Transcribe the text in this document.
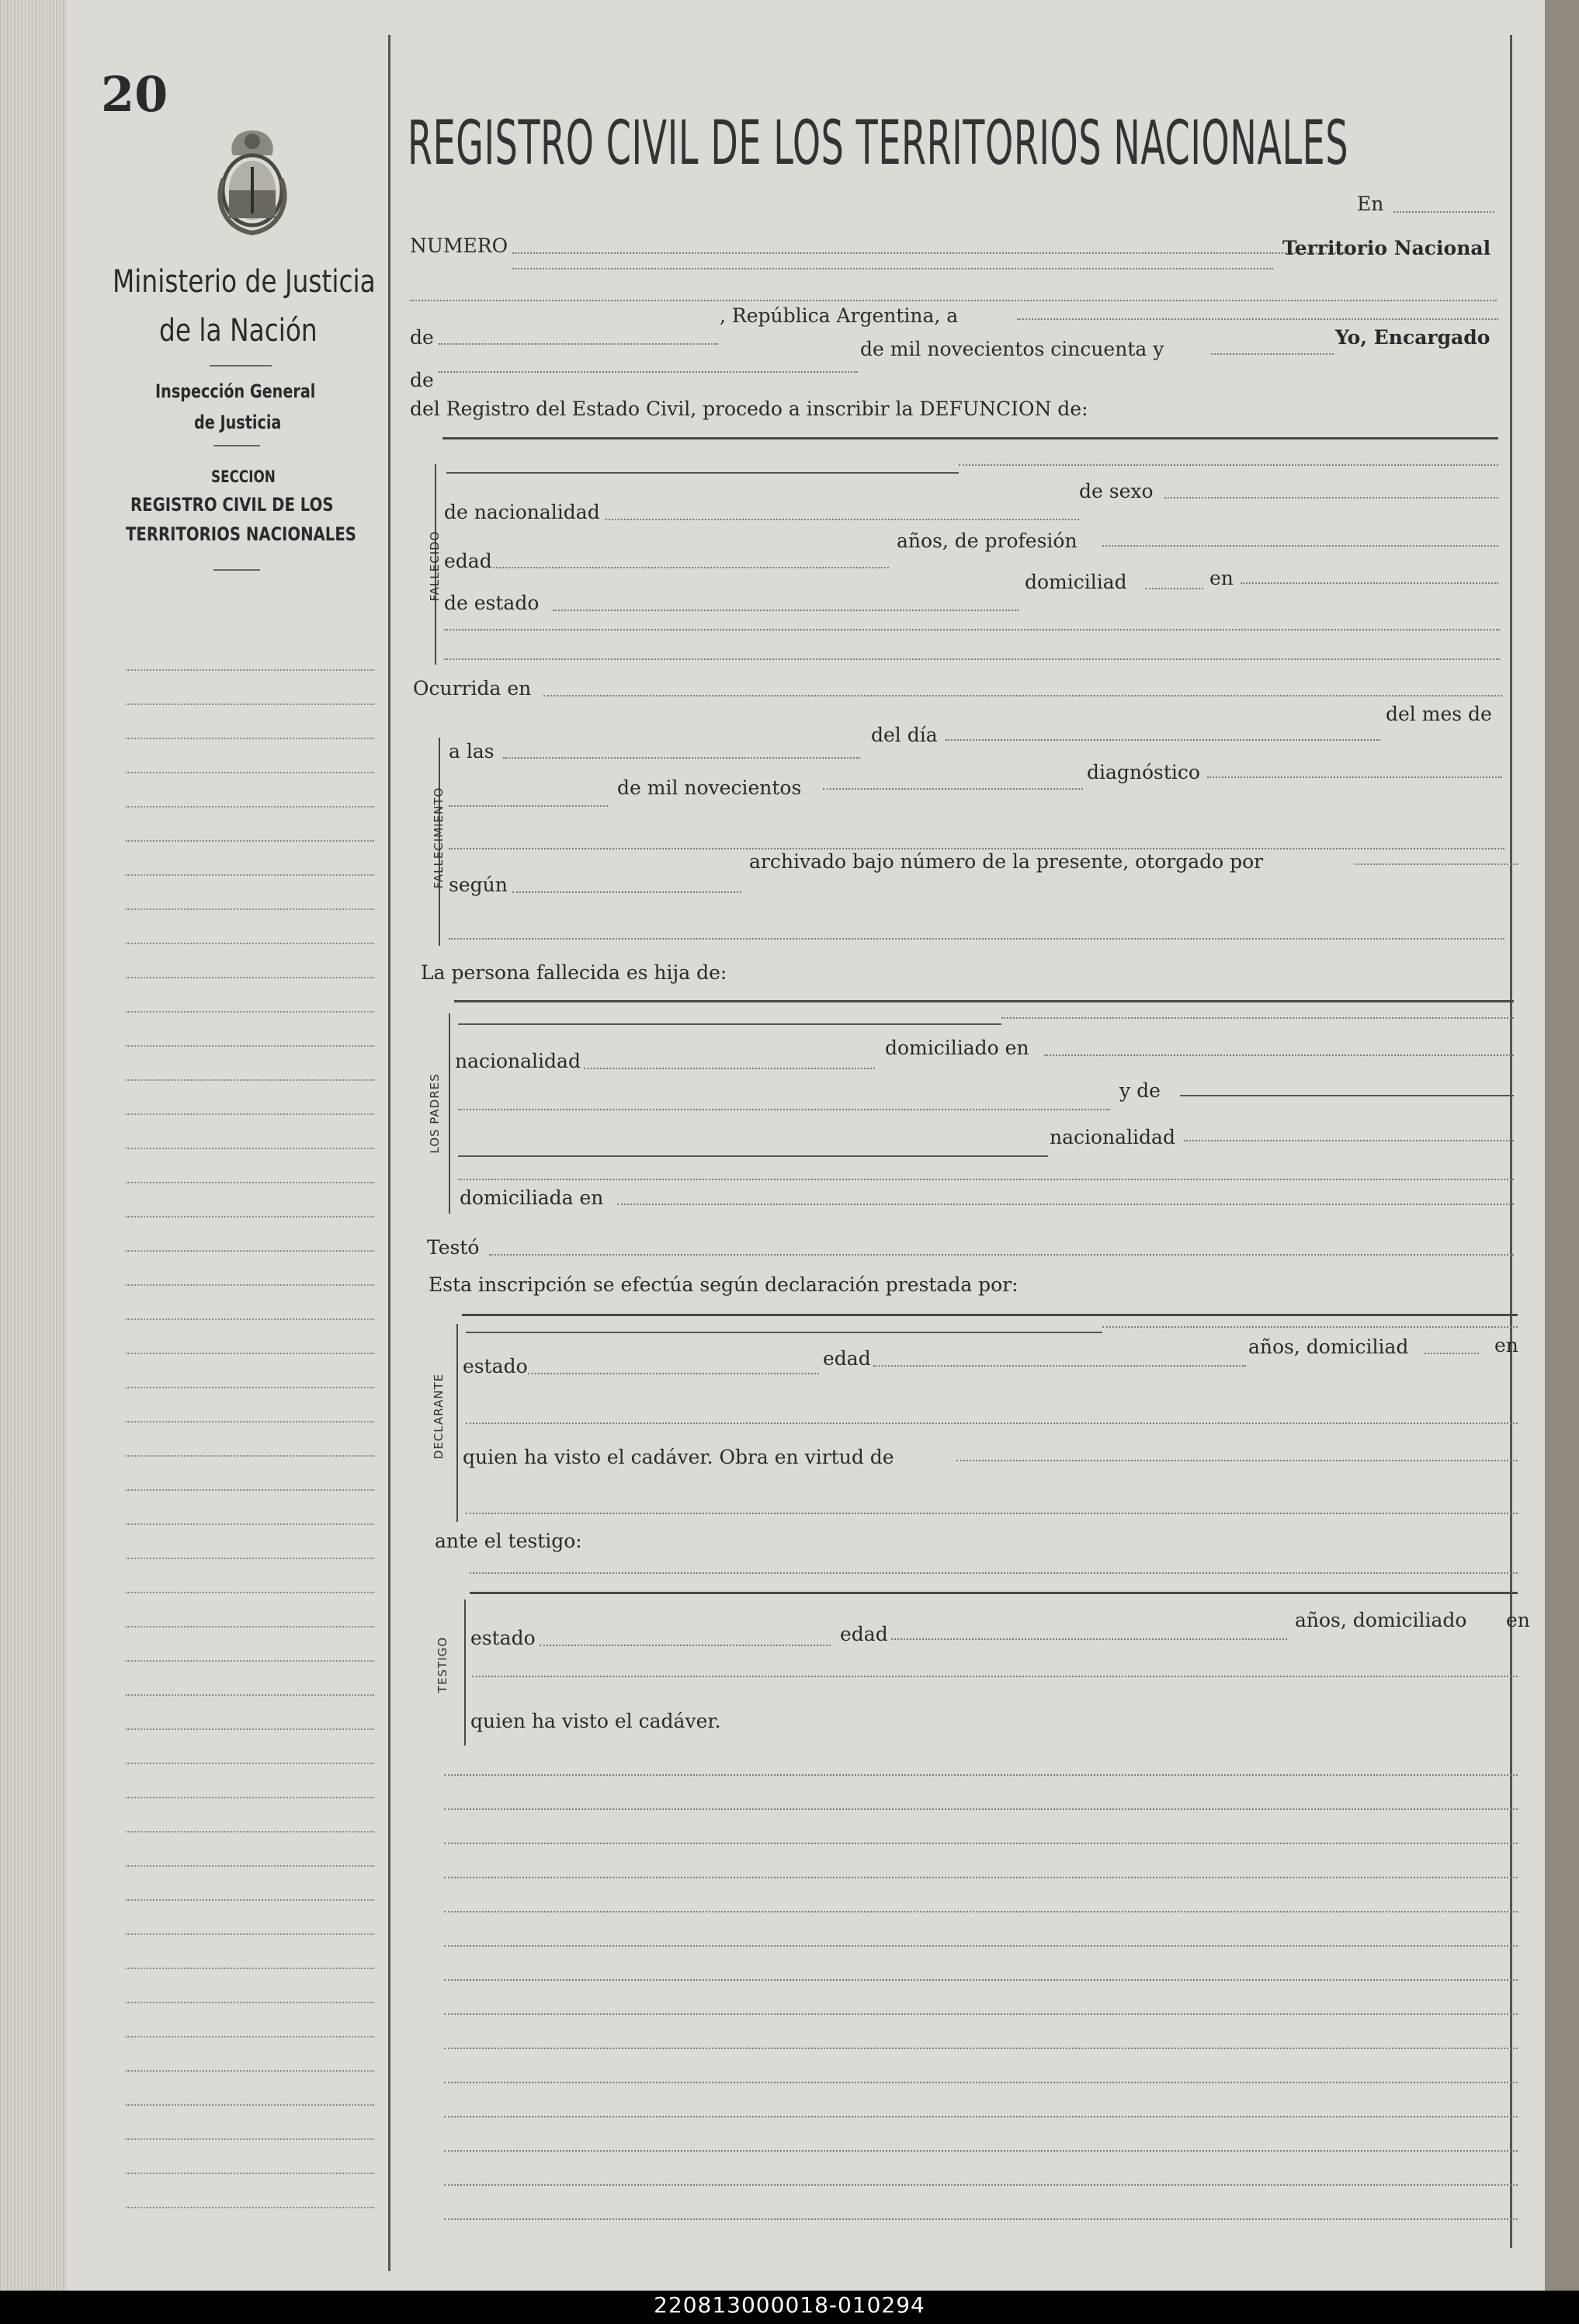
20
Ministerio de Justicia
de la Nación
Inspección General
de Justicia
SECCION
REGISTRO CIVIL DE LOS
TERRITORIOS NACIONALES
REGISTRO CIVIL DE LOS TERRITORIOS NACIONALES
En
NUMERO	Territorio Nacional
de
, República Argentina, a
de
de mil novecientos cincuenta y
Yo, Encargado
del Registro del Estado Civil, procedo a inscribir la DEFUNCION de:
FALLECIDO
de nacionalidad
de sexo
edad
años, de profesión
de estado
domiciliad	en
Ocurrida en
FALLECIMIENTO
a las
del día
del mes de
de mil novecientos
diagnóstico
según
archivado bajo número de la presente, otorgado por
La persona fallecida es hija de:
LOS PADRES
nacionalidad
domiciliado en
y de
nacionalidad
domiciliada en
Testó
Esta inscripción se efectúa según declaración prestada por:
DECLARANTE
estado	edad
años, domiciliad	en
quien ha visto el cadáver. Obra en virtud de
ante el testigo:
TESTIGO estado	edad
años, domiciliado en
quien ha visto el cadáver.
220813000018-010294
